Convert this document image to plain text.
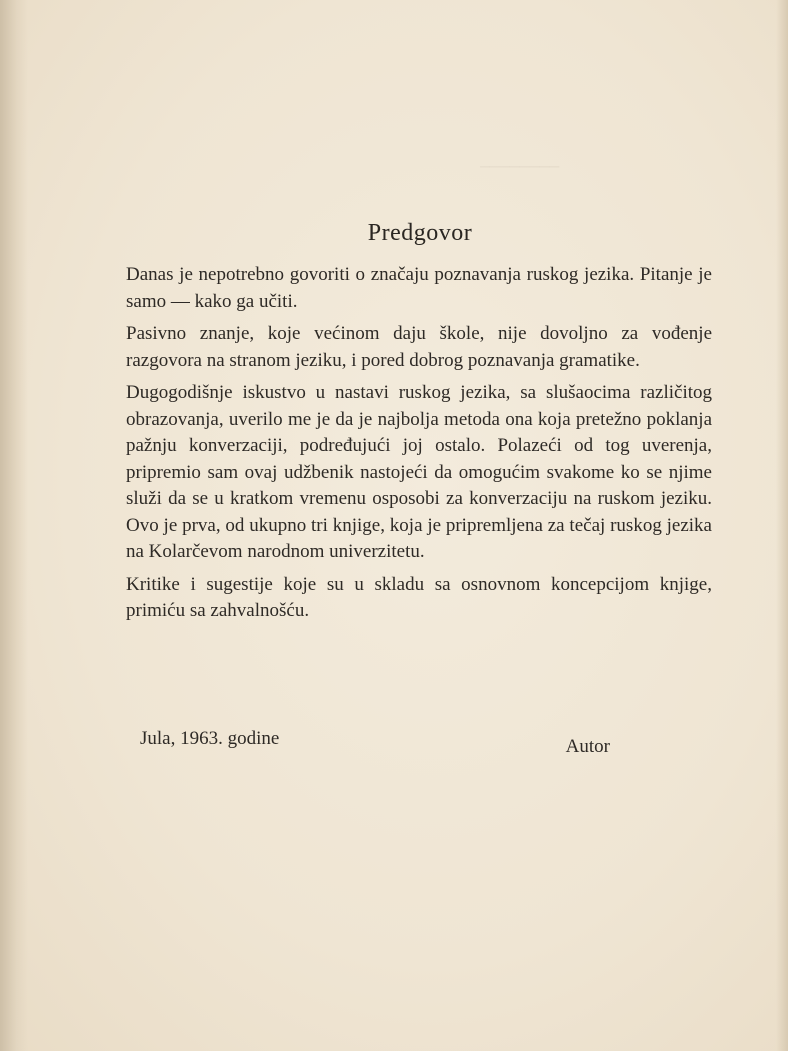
────────
Predgovor

Danas je nepotrebno govoriti o značaju poznavanja ruskog jezika. Pitanje je samo — kako ga učiti.

Pasivno znanje, koje većinom daju škole, nije dovoljno za vođenje razgovora na stranom jeziku, i pored dobrog poznavanja gramatike.

Dugogodišnje iskustvo u nastavi ruskog jezika, sa slušaocima različitog obrazovanja, uverilo me je da je najbolja metoda ona koja pretežno poklanja pažnju konverzaciji, podređujući joj ostalo. Polazeći od tog uverenja, pripremio sam ovaj udžbenik nastojeći da omogućim svakome ko se njime služi da se u kratkom vremenu osposobi za konverzaciju na ruskom jeziku. Ovo je prva, od ukupno tri knjige, koja je pripremljena za tečaj ruskog jezika na Kolarčevom narodnom univerzitetu.

Kritike i sugestije koje su u skladu sa osnovnom koncepcijom knjige, primiću sa zahvalnošću.

Jula, 1963. godine	Autor
